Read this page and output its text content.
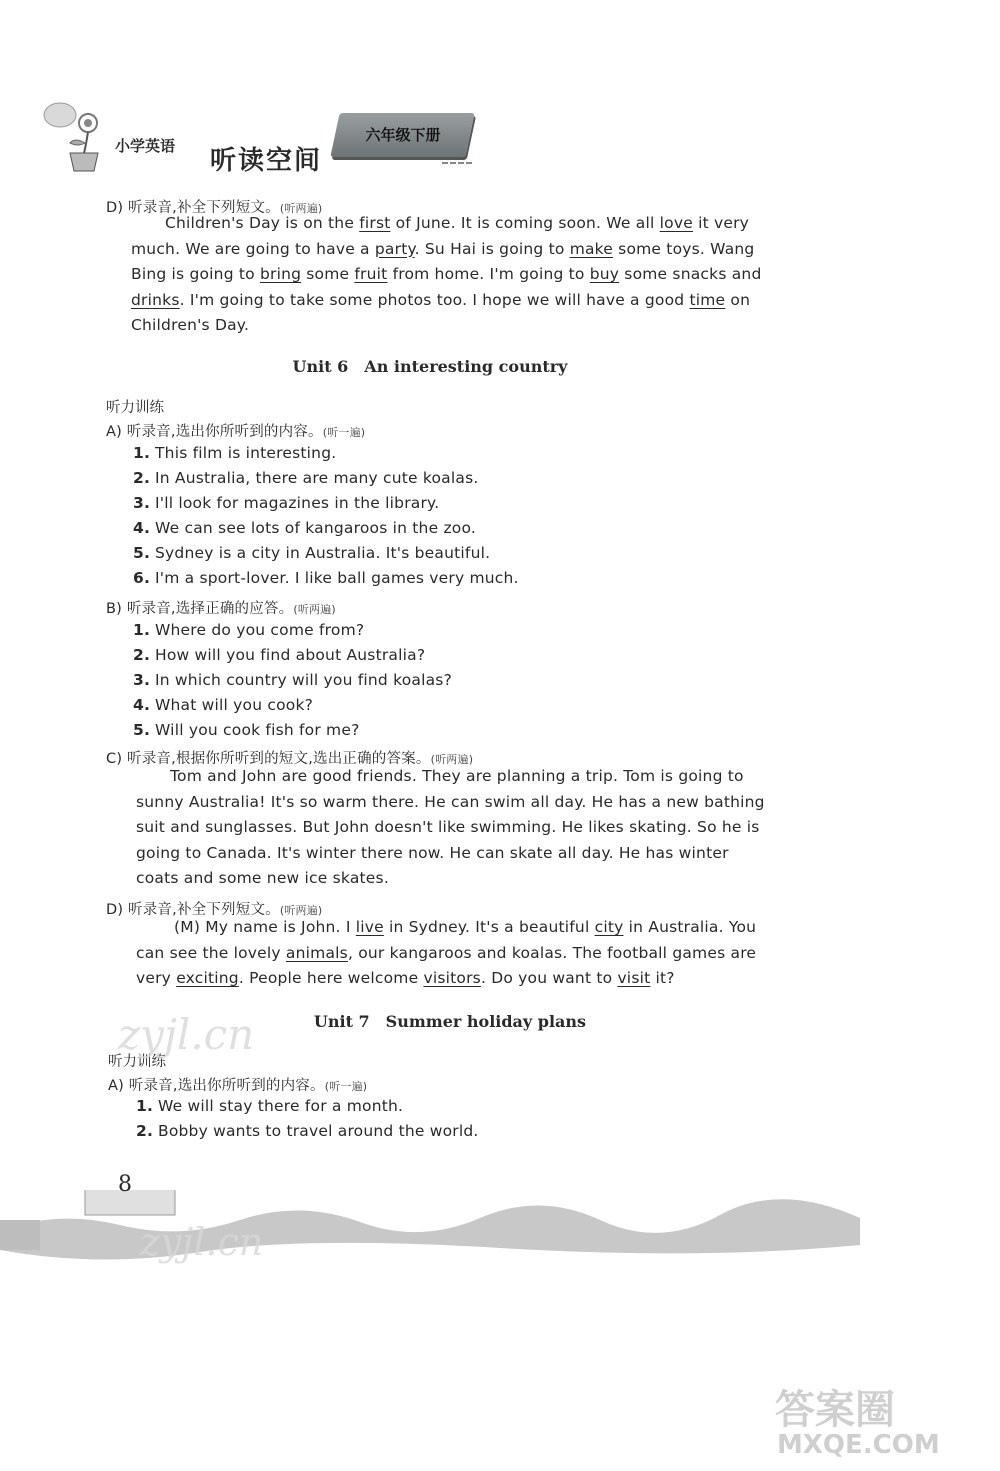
小学英语 听读空间
六年级下册
D) 听录音,补全下列短文。(听两遍)
Children's Day is on the first of June. It is coming soon. We all love it very
much. We are going to have a party. Su Hai is going to make some toys. Wang
Bing is going to bring some fruit from home. I'm going to buy some snacks and
drinks. I'm going to take some photos too. I hope we will have a good time on
Children's Day.
Unit 6　An interesting country
听力训练
A) 听录音,选出你所听到的内容。(听一遍)
1. This film is interesting.
2. In Australia, there are many cute koalas.
3. I'll look for magazines in the library.
4. We can see lots of kangaroos in the zoo.
5. Sydney is a city in Australia. It's beautiful.
6. I'm a sport-lover. I like ball games very much.
B) 听录音,选择正确的应答。(听两遍)
1. Where do you come from?
2. How will you find about Australia?
3. In which country will you find koalas?
4. What will you cook?
5. Will you cook fish for me?
C) 听录音,根据你所听到的短文,选出正确的答案。(听两遍)
Tom and John are good friends. They are planning a trip. Tom is going to
sunny Australia! It's so warm there. He can swim all day. He has a new bathing
suit and sunglasses. But John doesn't like swimming. He likes skating. So he is
going to Canada. It's winter there now. He can skate all day. He has winter
coats and some new ice skates.
D) 听录音,补全下列短文。(听两遍)
(M) My name is John. I live in Sydney. It's a beautiful city in Australia. You
can see the lovely animals, our kangaroos and koalas. The football games are
very exciting. People here welcome visitors. Do you want to visit it?
Unit 7　Summer holiday plans
听力训练
A) 听录音,选出你所听到的内容。(听一遍)
1. We will stay there for a month.
2. Bobby wants to travel around the world.
8
zyjl.cn
zyjl.cn
答案圈
MXQE.COM
